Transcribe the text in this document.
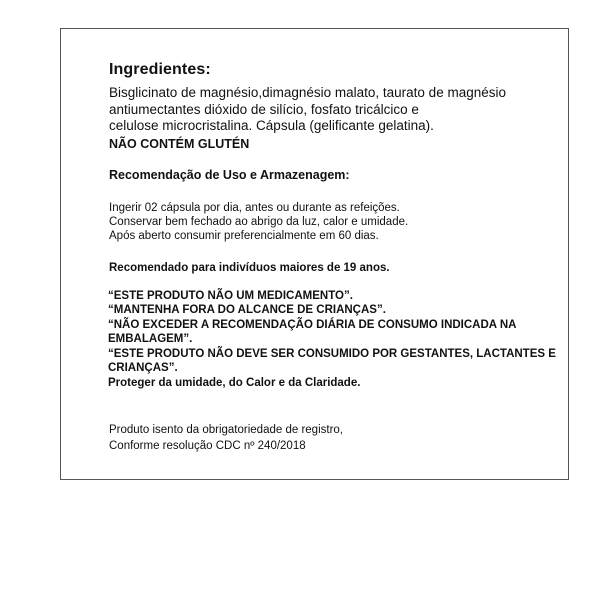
Ingredientes:

Bisglicinato de magnésio,dimagnésio malato, taurato de magnésio

antiumectantes dióxido de silício, fosfato tricálcico e

celulose microcristalina. Cápsula (gelificante gelatina).

NÃO CONTÉM GLUTÉN

Recomendação de Uso e Armazenagem:

Ingerir 02 cápsula por dia, antes ou durante as refeições.

Conservar bem fechado ao abrigo da luz, calor e umidade.

Após aberto consumir preferencialmente em 60 dias.

Recomendado para indivíduos maiores de 19 anos.

“ESTE PRODUTO NÃO UM MEDICAMENTO”.

“MANTENHA FORA DO ALCANCE DE CRIANÇAS”.

“NÃO EXCEDER A RECOMENDAÇÃO DIÁRIA DE CONSUMO INDICADA NA EMBALAGEM”.

“ESTE PRODUTO NÃO DEVE SER CONSUMIDO POR GESTANTES, LACTANTES E CRIANÇAS”.

Proteger da umidade, do Calor e da Claridade.

Produto isento da obrigatoriedade de registro,

Conforme resolução CDC nº 240/2018
